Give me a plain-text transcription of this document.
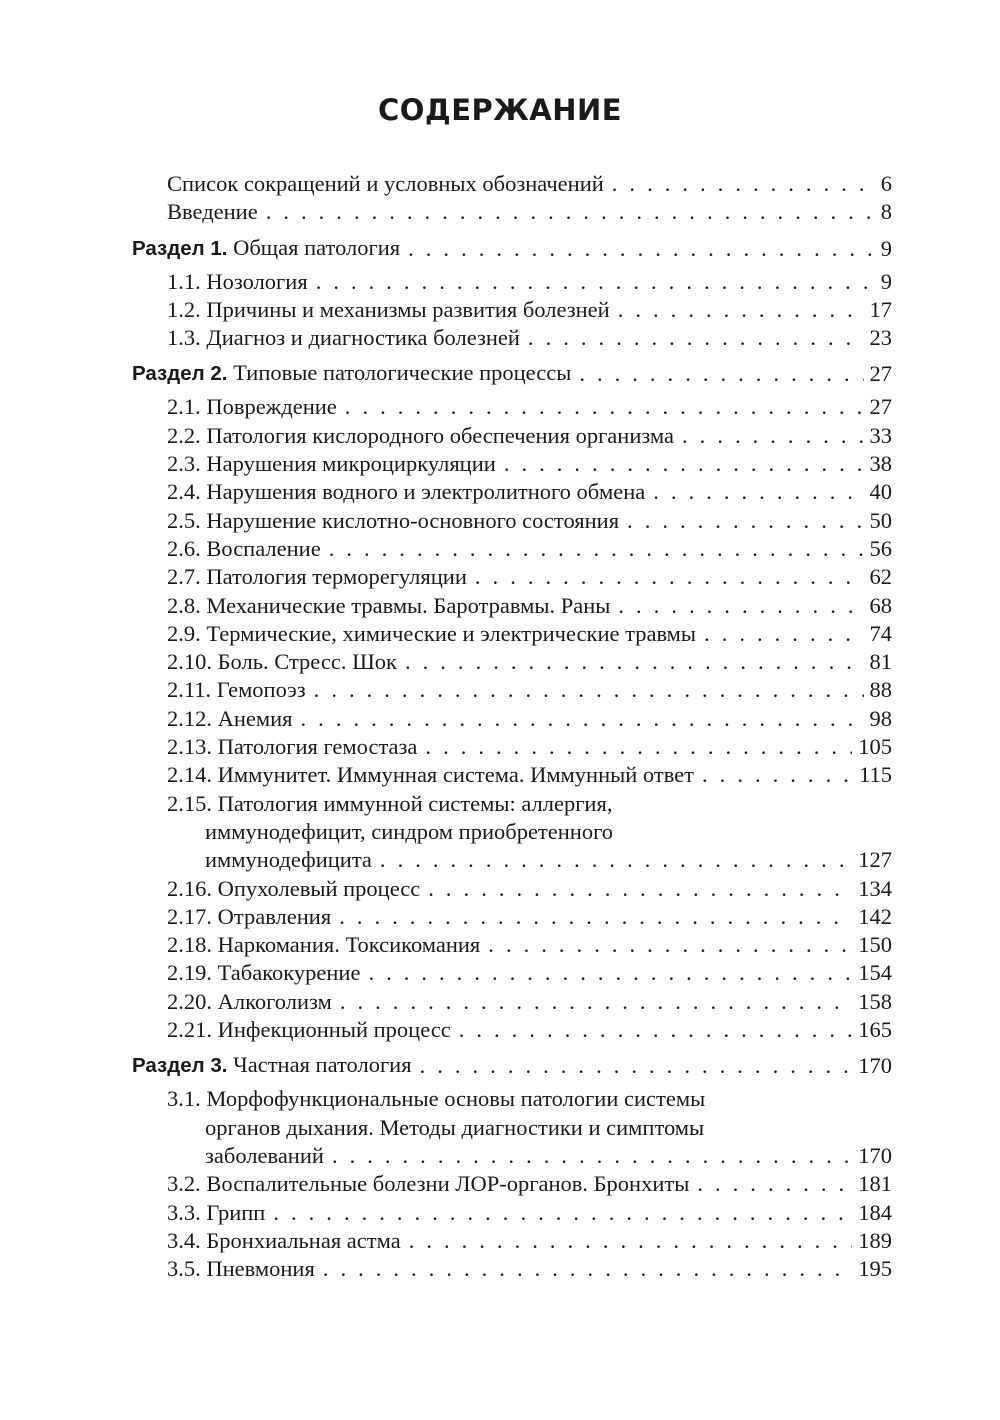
СОДЕРЖАНИЕ
Список сокращений и условных обозначений . . .	6
Введение . . .	8
Раздел 1. Общая патология . . .	9
1.1. Нозология . . .	9
1.2. Причины и механизмы развития болезней . . .	17
1.3. Диагноз и диагностика болезней . . .	23
Раздел 2. Типовые патологические процессы . . .	27
2.1. Повреждение . . .	27
2.2. Патология кислородного обеспечения организма . . .	33
2.3. Нарушения микроциркуляции . . .	38
2.4. Нарушения водного и электролитного обмена . . .	40
2.5. Нарушение кислотно-основного состояния . . .	50
2.6. Воспаление . . .	56
2.7. Патология терморегуляции . . .	62
2.8. Механические травмы. Баротравмы. Раны . . .	68
2.9. Термические, химические и электрические травмы . . .	74
2.10. Боль. Стресс. Шок . . .	81
2.11. Гемопоэз . . .	88
2.12. Анемия . . .	98
2.13. Патология гемостаза . . .	105
2.14. Иммунитет. Иммунная система. Иммунный ответ . . .	115
2.15. Патология иммунной системы: аллергия,
иммунодефицит, синдром приобретенного
иммунодефицита . . .	127
2.16. Опухолевый процесс . . .	134
2.17. Отравления . . .	142
2.18. Наркомания. Токсикомания . . .	150
2.19. Табакокурение . . .	154
2.20. Алкоголизм . . .	158
2.21. Инфекционный процесс . . .	165
Раздел 3. Частная патология . . .	170
3.1. Морфофункциональные основы патологии системы
органов дыхания. Методы диагностики и симптомы
заболеваний . . .	170
3.2. Воспалительные болезни ЛОР-органов. Бронхиты . . .	181
3.3. Грипп . . .	184
3.4. Бронхиальная астма . . .	189
3.5. Пневмония . . .	195
